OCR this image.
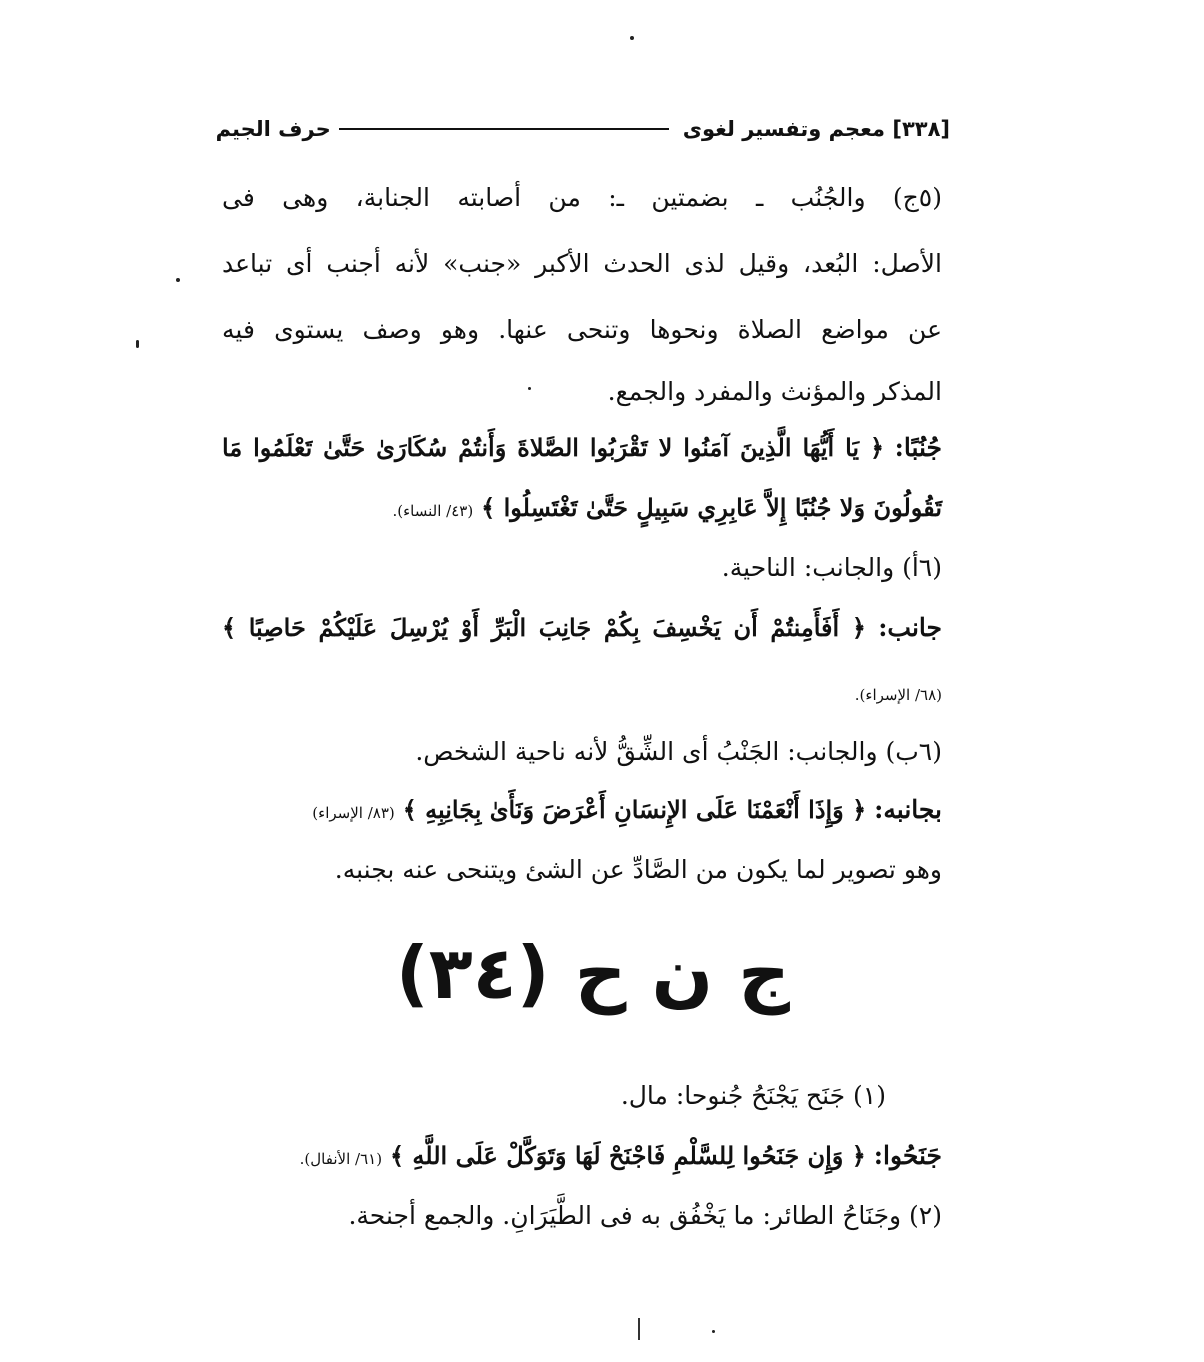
[٣٣٨] معجم وتفسير لغوى
حرف الجيم
(٥ج) والجُنُب ـ بضمتين ـ: من أصابته الجنابة، وهى فى
الأصل: البُعد، وقيل لذى الحدث الأكبر «جنب» لأنه أجنب أى تباعد
عن مواضع الصلاة ونحوها وتنحى عنها. وهو وصف يستوى فيه
المذكر والمؤنث والمفرد والجمع.
جُنُبًا: ﴿ يَا أَيُّهَا الَّذِينَ آمَنُوا لا تَقْرَبُوا الصَّلاةَ وَأَنتُمْ سُكَارَىٰ حَتَّىٰ تَعْلَمُوا مَا
تَقُولُونَ وَلا جُنُبًا إِلاَّ عَابِرِي سَبِيلٍ حَتَّىٰ تَغْتَسِلُوا ﴾ (٤٣/ النساء).
(٦أ) والجانب: الناحية.
جانب: ﴿ أَفَأَمِنتُمْ أَن يَخْسِفَ بِكُمْ جَانِبَ الْبَرِّ أَوْ يُرْسِلَ عَلَيْكُمْ حَاصِبًا ﴾
(٦٨/ الإسراء).
(٦ب) والجانب: الجَنْبُ أى الشِّقُّ لأنه ناحية الشخص.
بجانبه: ﴿ وَإِذَا أَنْعَمْنَا عَلَى الإِنسَانِ أَعْرَضَ وَنَأَىٰ بِجَانِبِهِ ﴾ (٨٣/ الإسراء)
وهو تصوير لما يكون من الصَّادِّ عن الشئ ويتنحى عنه بجنبه.
ج ن ح (٣٤)
(١) جَنَح يَجْنَحُ جُنوحا: مال.
جَنَحُوا: ﴿ وَإِن جَنَحُوا لِلسَّلْمِ فَاجْنَحْ لَهَا وَتَوَكَّلْ عَلَى اللَّهِ ﴾ (٦١/ الأنفال).
(٢) وجَنَاحُ الطائر: ما يَخْفُق به فى الطَّيَرَانِ. والجمع أجنحة.
